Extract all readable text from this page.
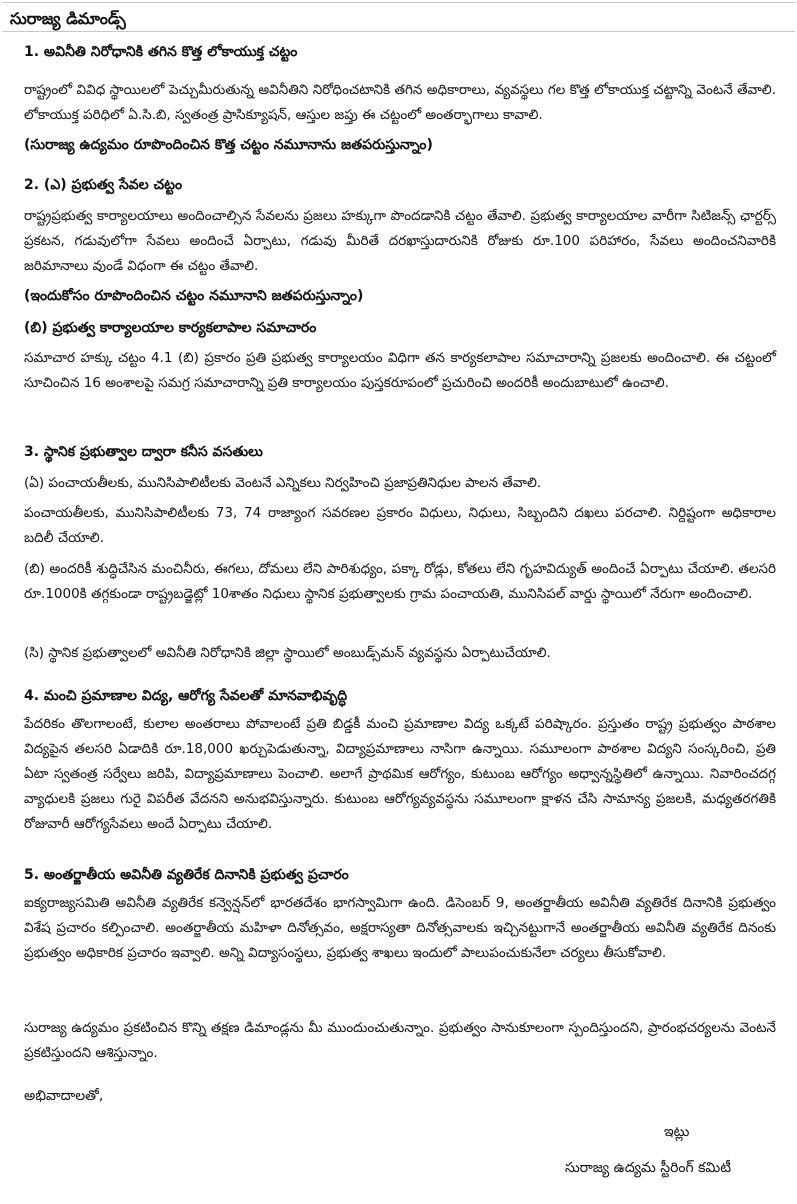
సురాజ్య డిమాండ్స్
1. అవినీతి నిరోధానికి తగిన కొత్త లోకాయుక్త చట్టం

రాష్ట్రంలో వివిధ స్థాయిలలో పెచ్చుమీరుతున్న అవినీతిని నిరోధించటానికి తగిన అధికారాలు, వ్యవస్థలు గల కొత్త లోకాయుక్త చట్టాన్ని వెంటనే తేవాలి. లోకాయుక్త పరిధిలో ఏ.సి.బి, స్వతంత్ర ప్రాసిక్యూషన్, ఆస్తుల జప్తు ఈ చట్టంలో అంతర్భాగాలు కావాలి.

(సురాజ్య ఉద్యమం రూపొందించిన కొత్త చట్టం నమూనాను జతపరుస్తున్నాం)
2. (ఎ) ప్రభుత్వ సేవల చట్టం

రాష్ట్రప్రభుత్వ కార్యాలయాలు అందించాల్సిన సేవలను ప్రజలు హక్కుగా పొందడానికి చట్టం తేవాలి. ప్రభుత్వ కార్యాలయాల వారీగా సిటిజన్స్ ఛార్టర్స్ ప్రకటన, గడువులోగా సేవలు అందించే ఏర్పాటు, గడువు మీరితే దరఖాస్తుదారునికి రోజుకు రూ.100 పరిహారం, సేవలు అందించనివారికి జరిమానాలు వుండే విధంగా ఈ చట్టం తేవాలి.

(ఇందుకోసం రూపొందించిన చట్టం నమూనాని జతపరుస్తున్నాం)
(బి) ప్రభుత్వ కార్యాలయాల కార్యకలాపాల సమాచారం

సమాచార హక్కు చట్టం 4.1 (బి) ప్రకారం ప్రతి ప్రభుత్వ కార్యాలయం విధిగా తన కార్యకలాపాల సమాచారాన్ని ప్రజలకు అందించాలి. ఈ చట్టంలో సూచించిన 16 అంశాలపై సమగ్ర సమాచారాన్ని ప్రతి కార్యాలయం పుస్తకరూపంలో ప్రచురించి అందరికీ అందుబాటులో ఉంచాలి.

3. స్థానిక ప్రభుత్వాల ద్వారా కనీస వసతులు

(ఏ) పంచాయతీలకు, మునిసిపాలిటీలకు వెంటనే ఎన్నికలు నిర్వహించి ప్రజాప్రతినిధుల పాలన తేవాలి.

పంచాయతీలకు, మునిసిపాలిటీలకు 73, 74 రాజ్యాంగ సవరణల ప్రకారం విధులు, నిధులు, సిబ్బందిని దఖలు పరచాలి. నిర్దిష్టంగా అధికారాల బదిలీ చేయాలి.

(బి) అందరికీ శుద్ధిచేసిన మంచినీరు, ఈగలు, దోమలు లేని పారిశుధ్యం, పక్కా రోడ్లు, కోతలు లేని గృహవిద్యుత్ అందించే ఏర్పాటు చేయాలి. తలసరి రూ.1000కి తగ్గకుండా రాష్ట్రబడ్జెట్లో 10శాతం నిధులు స్థానిక ప్రభుత్వాలకు గ్రామ పంచాయతి, మునిసిపల్ వార్డు స్థాయిలో నేరుగా అందించాలి.

(సి) స్థానిక ప్రభుత్వాలలో అవినీతి నిరోధానికి జిల్లా స్థాయిలో అంబుడ్స్‌మన్ వ్యవస్థను ఏర్పాటుచేయాలి.

4. మంచి ప్రమాణాల విద్య, ఆరోగ్య సేవలతో మానవాభివృద్ధి

పేదరికం తొలగాలంటే, కులాల అంతరాలు పోవాలంటే ప్రతి బిడ్డకీ మంచి ప్రమాణాల విద్య ఒక్కటే పరిష్కారం. ప్రస్తుతం రాష్ట్ర ప్రభుత్వం పాఠశాల విద్యపైన తలసరి ఏడాదికి రూ.18,000 ఖర్చుపెడుతున్నా, విద్యాప్రమాణాలు నాసిగా ఉన్నాయి. సమూలంగా పాఠశాల విద్యని సంస్కరించి, ప్రతి ఏటా స్వతంత్ర సర్వేలు జరిపి, విద్యాప్రమాణాలు పెంచాలి. అలాగే ప్రాథమిక ఆరోగ్యం, కుటుంబ ఆరోగ్యం అధ్వాన్నస్థితిలో ఉన్నాయి. నివారించదగ్గ వ్యాధులకి ప్రజలు గురై విపరీత వేదనని అనుభవిస్తున్నారు. కుటుంబ ఆరోగ్యవ్యవస్థను సమూలంగా క్షాళన చేసి సామాన్య ప్రజలకి, మధ్యతరగతికి రోజువారీ ఆరోగ్యసేవలు అందే ఏర్పాటు చేయాలి.

5. అంతర్జాతీయ అవినీతి వ్యతిరేక దినానికి ప్రభుత్వ ప్రచారం

ఐక్యరాజ్యసమితి అవినీతి వ్యతిరేక కన్వెన్షన్‌లో భారతదేశం భాగస్వామిగా ఉంది. డిసెంబర్ 9, అంతర్జాతీయ అవినీతి వ్యతిరేక దినానికి ప్రభుత్వం విశేష ప్రచారం కల్పించాలి. అంతర్జాతీయ మహిళా దినోత్సవం, అక్షరాస్యతా దినోత్సవాలకు ఇచ్చినట్టుగానే అంతర్జాతీయ అవినీతి వ్యతిరేక దినంకు ప్రభుత్వం అధికారిక ప్రచారం ఇవ్వాలి. అన్ని విద్యాసంస్థలు, ప్రభుత్వ శాఖలు ఇందులో పాలుపంచుకునేలా చర్యలు తీసుకోవాలి.

సురాజ్య ఉద్యమం ప్రకటించిన కొన్ని తక్షణ డిమాండ్లను మీ ముందుంచుతున్నాం. ప్రభుత్వం సానుకూలంగా స్పందిస్తుందని, ప్రారంభచర్యలను వెంటనే ప్రకటిస్తుందని ఆశిస్తున్నాం.

అభివాదాలతో,
ఇట్లు
సురాజ్య ఉద్యమ స్టీరింగ్ కమిటీ
